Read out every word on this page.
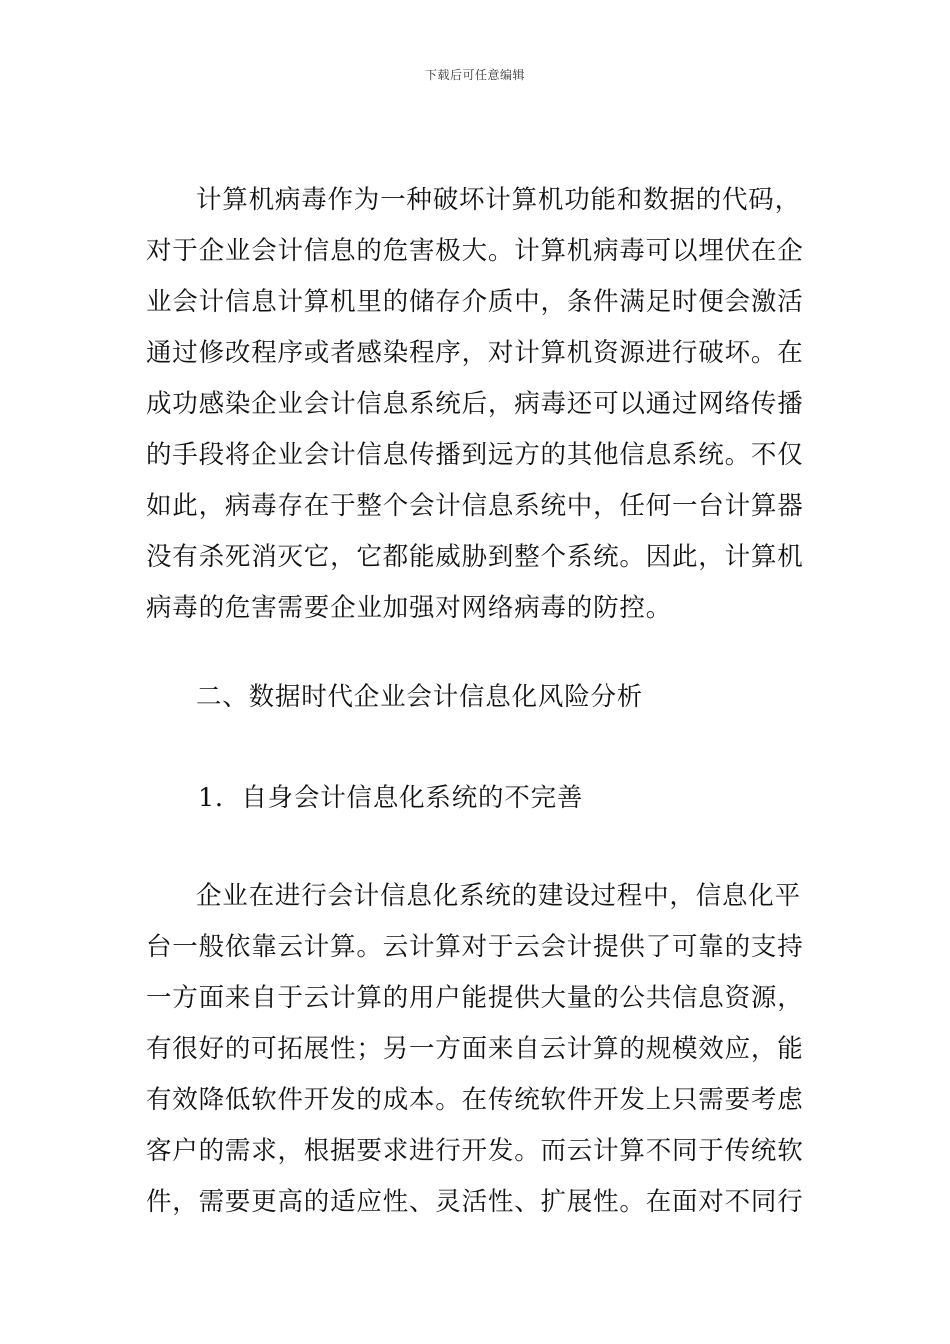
下载后可任意编辑
计算机病毒作为一种破坏计算机功能和数据的代码，
对于企业会计信息的危害极大。计算机病毒可以埋伏在企
业会计信息计算机里的储存介质中，条件满足时便会激活
通过修改程序或者感染程序，对计算机资源进行破坏。在
成功感染企业会计信息系统后，病毒还可以通过网络传播
的手段将企业会计信息传播到远方的其他信息系统。不仅
如此，病毒存在于整个会计信息系统中，任何一台计算器
没有杀死消灭它，它都能威胁到整个系统。因此，计算机
病毒的危害需要企业加强对网络病毒的防控。
二、数据时代企业会计信息化风险分析
1．自身会计信息化系统的不完善
企业在进行会计信息化系统的建设过程中，信息化平
台一般依靠云计算。云计算对于云会计提供了可靠的支持
一方面来自于云计算的用户能提供大量的公共信息资源，
有很好的可拓展性；另一方面来自云计算的规模效应，能
有效降低软件开发的成本。在传统软件开发上只需要考虑
客户的需求，根据要求进行开发。而云计算不同于传统软
件，需要更高的适应性、灵活性、扩展性。在面对不同行
